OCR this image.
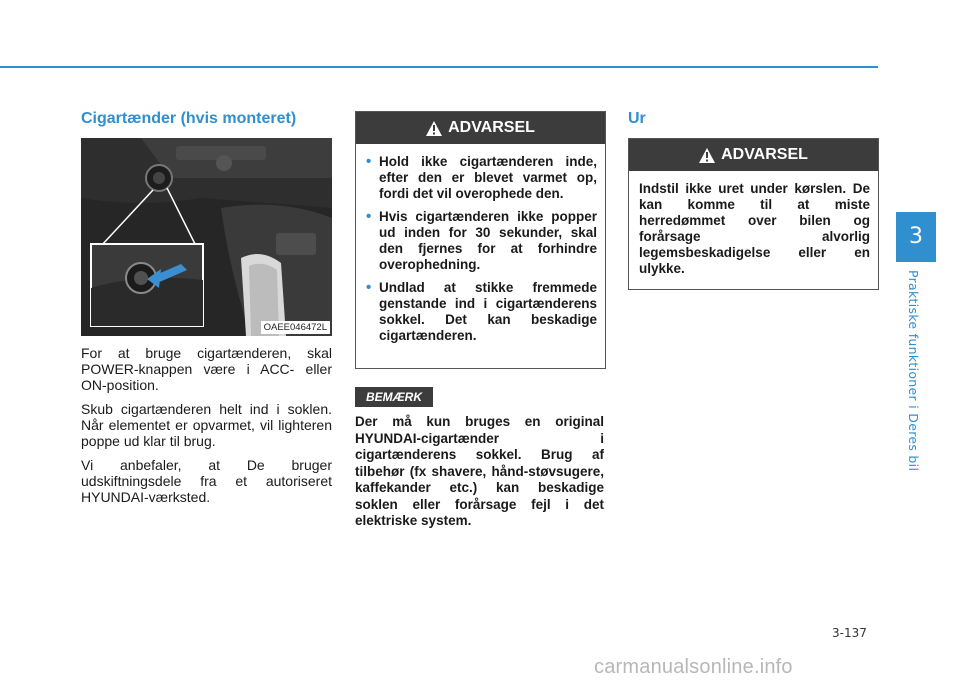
Cigartænder (hvis monteret)
OAEE046472L

For at bruge cigartænderen, skal POWER-knappen være i ACC- eller ON-position.

Skub cigartænderen helt ind i soklen. Når elementet er opvarmet, vil lighteren poppe ud klar til brug.

Vi anbefaler, at De bruger udskiftningsdele fra et autoriseret HYUNDAI-værksted.

ADVARSEL
• Hold ikke cigartænderen inde, efter den er blevet varmet op, fordi det vil overophede den.
• Hvis cigartænderen ikke popper ud inden for 30 sekunder, skal den fjernes for at forhindre overophedning.
• Undlad at stikke fremmede genstande ind i cigartænderens sokkel. Det kan beskadige cigartænderen.
BEMÆRK
Der må kun bruges en original HYUNDAI-cigartænder i cigartænderens sokkel. Brug af tilbehør (fx shavere, hånd-støvsugere, kaffekander etc.) kan beskadige soklen eller forårsage fejl i det elektriske system.
Ur
ADVARSEL
Indstil ikke uret under kørslen. De kan komme til at miste herredømmet over bilen og forårsage alvorlig legemsbeskadigelse eller en ulykke.
3
Praktiske funktioner i Deres bil
3-137
carmanualsonline.info
